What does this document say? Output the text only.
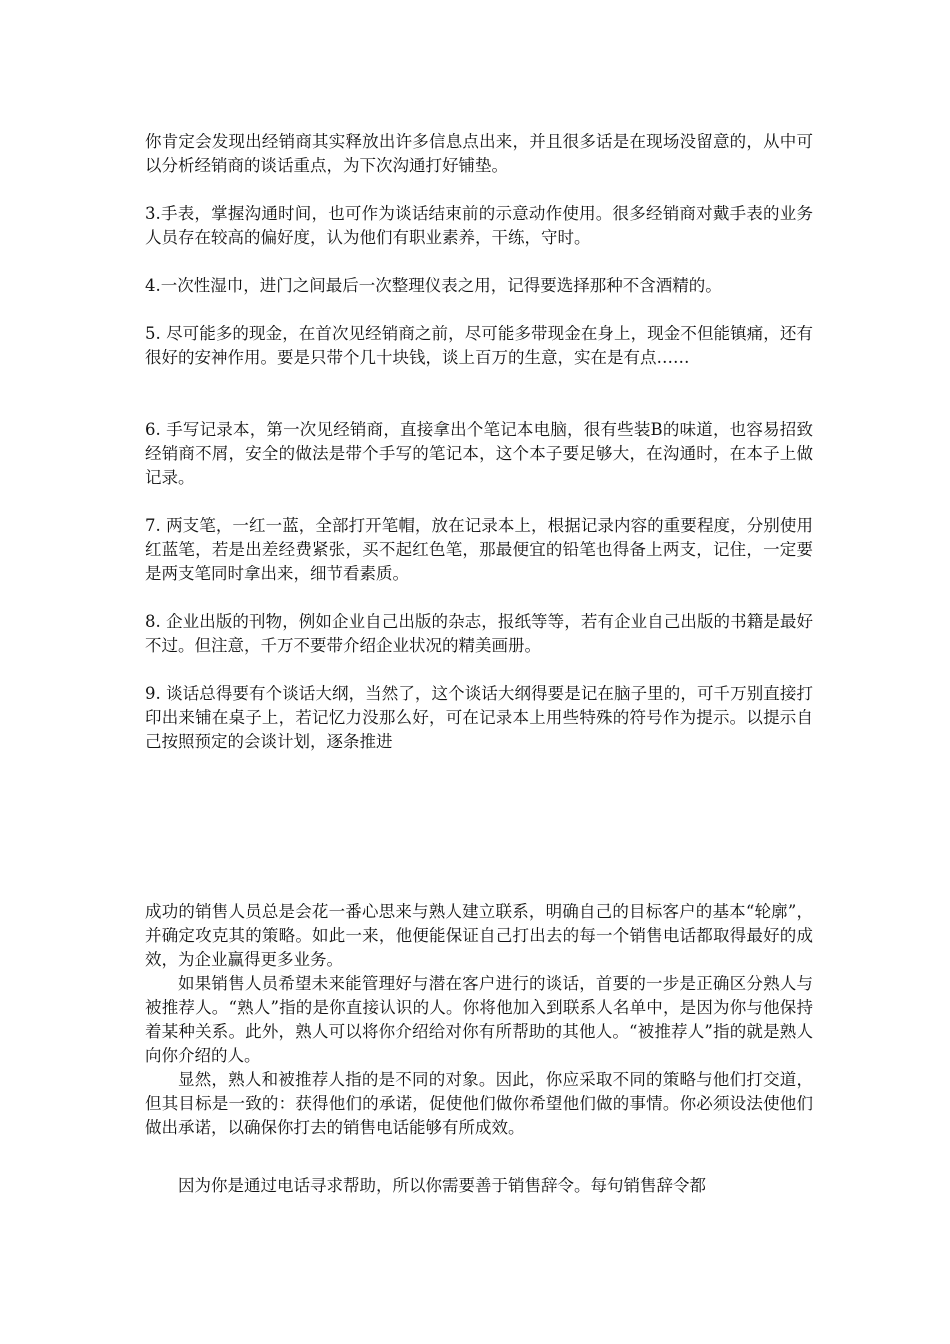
你肯定会发现出经销商其实释放出许多信息点出来，并且很多话是在现场没留意的，从中可以分析经销商的谈话重点，为下次沟通打好铺垫。

3.手表，掌握沟通时间，也可作为谈话结束前的示意动作使用。很多经销商对戴手表的业务人员存在较高的偏好度，认为他们有职业素养，干练，守时。

4.一次性湿巾，进门之间最后一次整理仪表之用，记得要选择那种不含酒精的。

5. 尽可能多的现金，在首次见经销商之前，尽可能多带现金在身上，现金不但能镇痛，还有很好的安神作用。要是只带个几十块钱，谈上百万的生意，实在是有点……

6. 手写记录本，第一次见经销商，直接拿出个笔记本电脑，很有些装B的味道，也容易招致经销商不屑，安全的做法是带个手写的笔记本，这个本子要足够大，在沟通时，在本子上做记录。

7. 两支笔，一红一蓝，全部打开笔帽，放在记录本上，根据记录内容的重要程度，分别使用红蓝笔，若是出差经费紧张，买不起红色笔，那最便宜的铅笔也得备上两支，记住，一定要是两支笔同时拿出来，细节看素质。

8. 企业出版的刊物，例如企业自己出版的杂志，报纸等等，若有企业自己出版的书籍是最好不过。但注意，千万不要带介绍企业状况的精美画册。

9. 谈话总得要有个谈话大纲，当然了，这个谈话大纲得要是记在脑子里的，可千万别直接打印出来铺在桌子上，若记忆力没那么好，可在记录本上用些特殊的符号作为提示。以提示自己按照预定的会谈计划，逐条推进

成功的销售人员总是会花一番心思来与熟人建立联系，明确自己的目标客户的基本“轮廓”，并确定攻克其的策略。如此一来，他便能保证自己打出去的每一个销售电话都取得最好的成效，为企业赢得更多业务。

如果销售人员希望未来能管理好与潜在客户进行的谈话，首要的一步是正确区分熟人与被推荐人。“熟人”指的是你直接认识的人。你将他加入到联系人名单中，是因为你与他保持着某种关系。此外，熟人可以将你介绍给对你有所帮助的其他人。“被推荐人”指的就是熟人向你介绍的人。

显然，熟人和被推荐人指的是不同的对象。因此，你应采取不同的策略与他们打交道，但其目标是一致的：获得他们的承诺，促使他们做你希望他们做的事情。你必须设法使他们做出承诺，以确保你打去的销售电话能够有所成效。

因为你是通过电话寻求帮助，所以你需要善于销售辞令。每句销售辞令都
